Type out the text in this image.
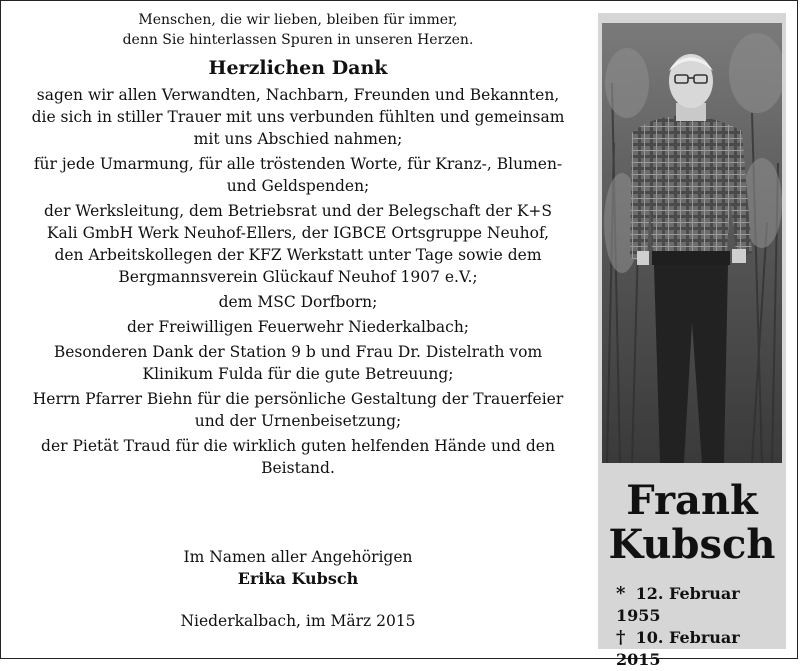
Menschen, die wir lieben, bleiben für immer,
denn Sie hinterlassen Spuren in unseren Herzen.
Herzlichen Dank
sagen wir allen Verwandten, Nachbarn, Freunden und Bekannten,
die sich in stiller Trauer mit uns verbunden fühlten und gemeinsam
mit uns Abschied nahmen;
für jede Umarmung, für alle tröstenden Worte, für Kranz-, Blumen-
und Geldspenden;
der Werksleitung, dem Betriebsrat und der Belegschaft der K+S
Kali GmbH Werk Neuhof-Ellers, der IGBCE Ortsgruppe Neuhof,
den Arbeitskollegen der KFZ Werkstatt unter Tage sowie dem
Bergmannsverein Glückauf Neuhof 1907 e.V.;
dem MSC Dorfborn;
der Freiwilligen Feuerwehr Niederkalbach;
Besonderen Dank der Station 9 b und Frau Dr. Distelrath vom
Klinikum Fulda für die gute Betreuung;
Herrn Pfarrer Biehn für die persönliche Gestaltung der Trauerfeier
und der Urnenbeisetzung;
der Pietät Traud für die wirklich guten helfenden Hände und den
Beistand.
Im Namen aller Angehörigen
Erika Kubsch
Niederkalbach, im März 2015
Frank
Kubsch
* 12. Februar 1955
† 10. Februar 2015
